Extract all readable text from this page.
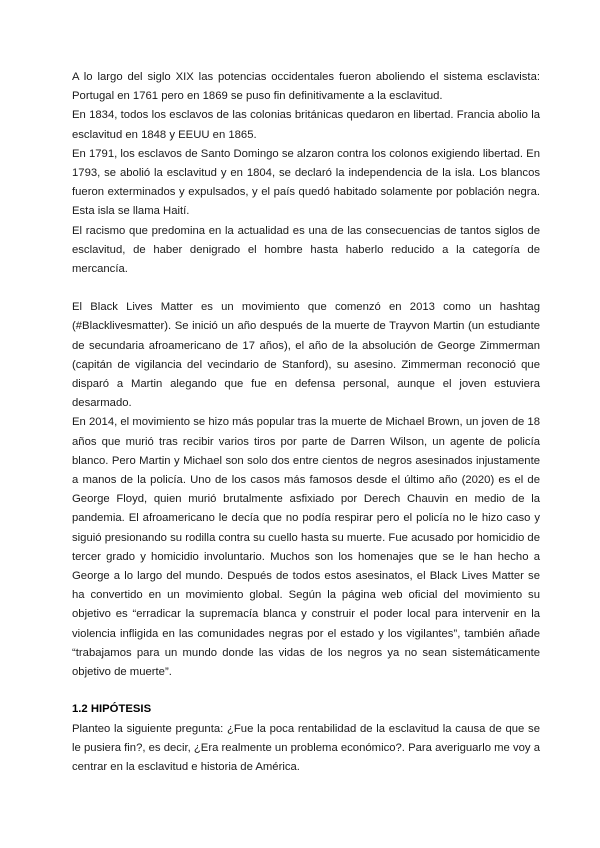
A lo largo del siglo XIX las potencias occidentales fueron aboliendo el sistema esclavista: Portugal en 1761 pero en 1869 se puso fin definitivamente a la esclavitud.

En 1834, todos los esclavos de las colonias británicas quedaron en libertad. Francia abolio la esclavitud en 1848 y EEUU en 1865.

En 1791, los esclavos de Santo Domingo se alzaron contra los colonos exigiendo libertad. En 1793, se abolió la esclavitud y en 1804, se declaró la independencia de la isla. Los blancos fueron exterminados y expulsados, y el país quedó habitado solamente por población negra. Esta isla se llama Haití.

El racismo que predomina en la actualidad es una de las consecuencias de tantos siglos de esclavitud, de haber denigrado el hombre hasta haberlo reducido a la categoría de mercancía.

El Black Lives Matter es un movimiento que comenzó en 2013 como un hashtag (#Blacklivesmatter). Se inició un año después de la muerte de Trayvon Martin (un estudiante de secundaria afroamericano de 17 años), el año de la absolución de George Zimmerman (capitán de vigilancia del vecindario de Stanford), su asesino. Zimmerman reconoció que disparó a Martin alegando que fue en defensa personal, aunque el joven estuviera desarmado.

En 2014, el movimiento se hizo más popular tras la muerte de Michael Brown, un joven de 18 años que murió tras recibir varios tiros por parte de Darren Wilson, un agente de policía blanco. Pero Martin y Michael son solo dos entre cientos de negros asesinados injustamente a manos de la policía. Uno de los casos más famosos desde el último año (2020) es el de George Floyd, quien murió brutalmente asfixiado por Derech Chauvin en medio de la pandemia. El afroamericano le decía que no podía respirar pero el policía no le hizo caso y siguió presionando su rodilla contra su cuello hasta su muerte. Fue acusado por homicidio de tercer grado y homicidio involuntario. Muchos son los homenajes que se le han hecho a George a lo largo del mundo. Después de todos estos asesinatos, el Black Lives Matter se ha convertido en un movimiento global. Según la página web oficial del movimiento su objetivo es “erradicar la supremacía blanca y construir el poder local para intervenir en la violencia infligida en las comunidades negras por el estado y los vigilantes”, también añade “trabajamos para un mundo donde las vidas de los negros ya no sean sistemáticamente objetivo de muerte”.

1.2 HIPÓTESIS

Planteo la siguiente pregunta: ¿Fue la poca rentabilidad de la esclavitud la causa de que se le pusiera fin?, es decir, ¿Era realmente un problema económico?. Para averiguarlo me voy a centrar en la esclavitud e historia de América.
